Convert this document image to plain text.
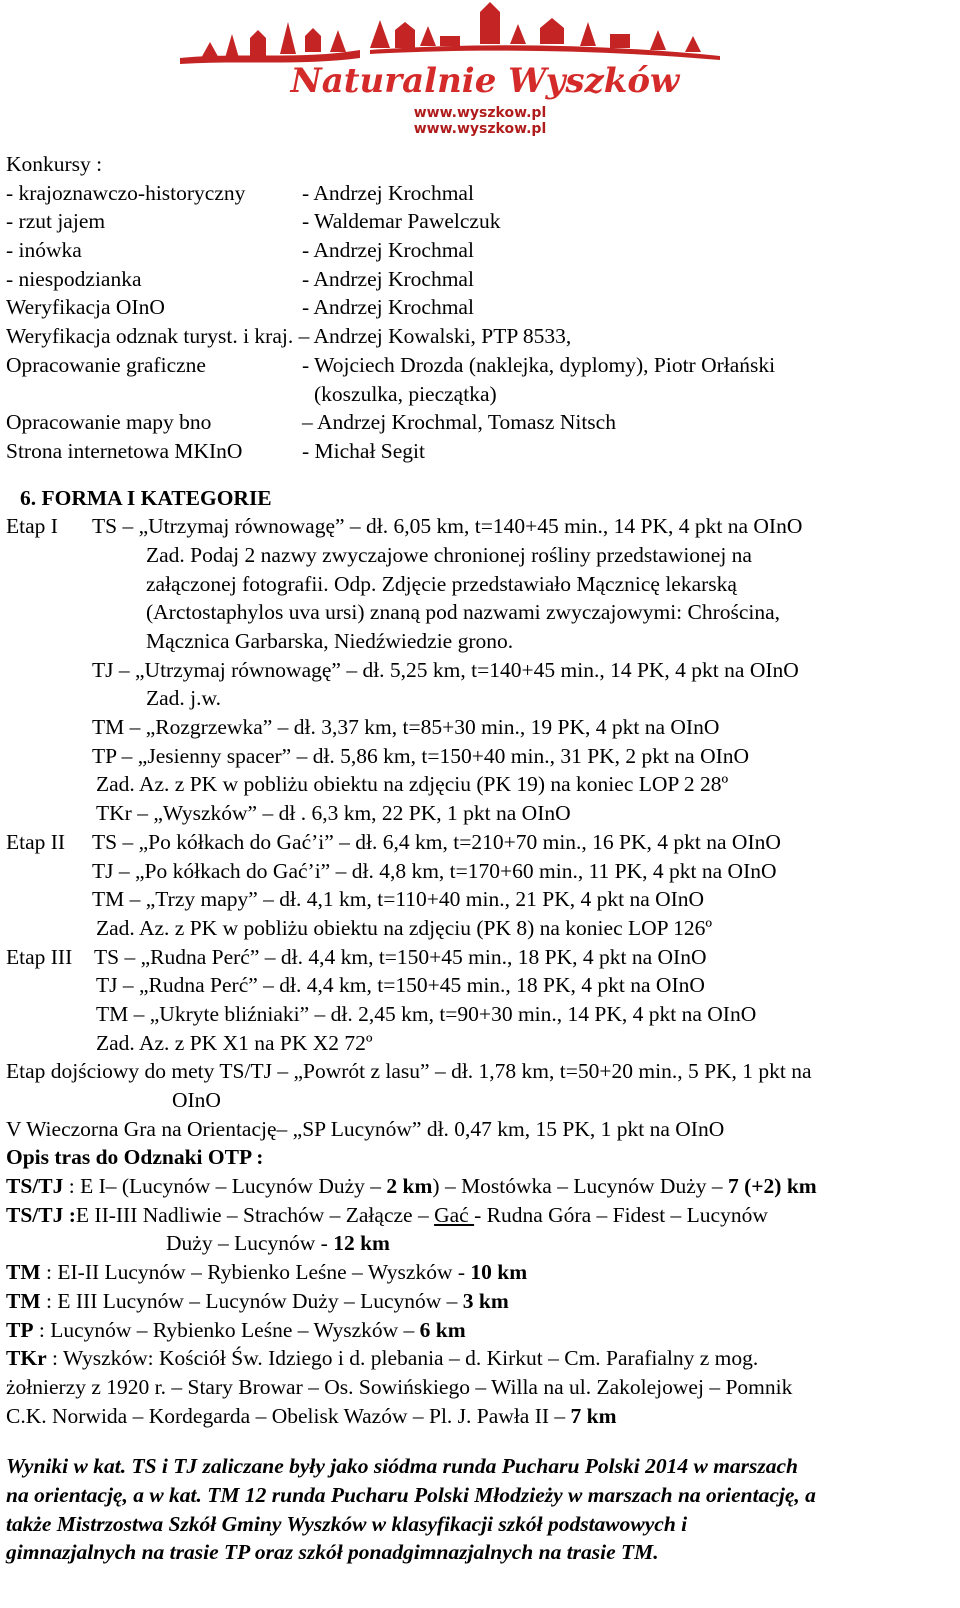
Naturalnie Wyszków
www.wyszkow.pl
www.wyszkow.pl
Konkursy :
- krajoznawczo-historyczny	- Andrzej Krochmal
- rzut jajem	- Waldemar Pawelczuk
- inówka	- Andrzej Krochmal
- niespodzianka	- Andrzej Krochmal
Weryfikacja OInO	- Andrzej Krochmal
Weryfikacja odznak turyst. i kraj. – Andrzej Kowalski, PTP 8533,
Opracowanie graficzne	- Wojciech Drozda (naklejka, dyplomy), Piotr Orłański
(koszulka, pieczątka)
Opracowanie mapy bno	– Andrzej Krochmal, Tomasz Nitsch
Strona internetowa MKInO	- Michał Segit
6. FORMA I KATEGORIE
Etap I	TS – „Utrzymaj równowagę” – dł. 6,05 km, t=140+45 min., 14 PK, 4 pkt na OInO
Zad. Podaj 2 nazwy zwyczajowe chronionej rośliny przedstawionej na
załączonej fotografii. Odp. Zdjęcie przedstawiało Mącznicę lekarską
(Arctostaphylos uva ursi) znaną pod nazwami zwyczajowymi: Chrościna,
Mącznica Garbarska, Niedźwiedzie grono.
TJ – „Utrzymaj równowagę” – dł. 5,25 km, t=140+45 min., 14 PK, 4 pkt na OInO
Zad. j.w.
TM – „Rozgrzewka” – dł. 3,37 km, t=85+30 min., 19 PK, 4 pkt na OInO
TP – „Jesienny spacer” – dł. 5,86 km, t=150+40 min., 31 PK, 2 pkt na OInO
Zad. Az. z PK w pobliżu obiektu na zdjęciu (PK 19) na koniec LOP 2 28º
TKr – „Wyszków” – dł . 6,3 km, 22 PK, 1 pkt na OInO
Etap II	TS – „Po kółkach do Gać’i” – dł. 6,4 km, t=210+70 min., 16 PK, 4 pkt na OInO
TJ – „Po kółkach do Gać’i” – dł. 4,8 km, t=170+60 min., 11 PK, 4 pkt na OInO
TM – „Trzy mapy” – dł. 4,1 km, t=110+40 min., 21 PK, 4 pkt na OInO
Zad. Az. z PK w pobliżu obiektu na zdjęciu (PK 8) na koniec LOP 126º
Etap III	TS – „Rudna Perć” – dł. 4,4 km, t=150+45 min., 18 PK, 4 pkt na OInO
TJ – „Rudna Perć” – dł. 4,4 km, t=150+45 min., 18 PK, 4 pkt na OInO
TM – „Ukryte bliźniaki” – dł. 2,45 km, t=90+30 min., 14 PK, 4 pkt na OInO
Zad. Az. z PK X1 na PK X2 72º
Etap dojściowy do mety TS/TJ – „Powrót z lasu” – dł. 1,78 km, t=50+20 min., 5 PK, 1 pkt na
OInO
V Wieczorna Gra na Orientację– „SP Lucynów” dł. 0,47 km, 15 PK, 1 pkt na OInO
Opis tras do Odznaki OTP :
TS/TJ : E I– (Lucynów – Lucynów Duży – 2 km) – Mostówka – Lucynów Duży – 7 (+2) km
TS/TJ :E II-III Nadliwie – Strachów – Załącze – Gać - Rudna Góra – Fidest – Lucynów
Duży – Lucynów - 12 km
TM : EI-II Lucynów – Rybienko Leśne – Wyszków - 10 km
TM : E III Lucynów – Lucynów Duży – Lucynów – 3 km
TP : Lucynów – Rybienko Leśne – Wyszków – 6 km
TKr : Wyszków: Kościół Św. Idziego i d. plebania – d. Kirkut – Cm. Parafialny z mog.
żołnierzy z 1920 r. – Stary Browar – Os. Sowińskiego – Willa na ul. Zakolejowej – Pomnik
C.K. Norwida – Kordegarda – Obelisk Wazów – Pl. J. Pawła II – 7 km
Wyniki w kat. TS i TJ zaliczane były jako siódma runda Pucharu Polski 2014 w marszach
na orientację, a w kat. TM 12 runda Pucharu Polski Młodzieży w marszach na orientację, a
także Mistrzostwa Szkół Gminy Wyszków w klasyfikacji szkół podstawowych i
gimnazjalnych na trasie TP oraz szkół ponadgimnazjalnych na trasie TM.
